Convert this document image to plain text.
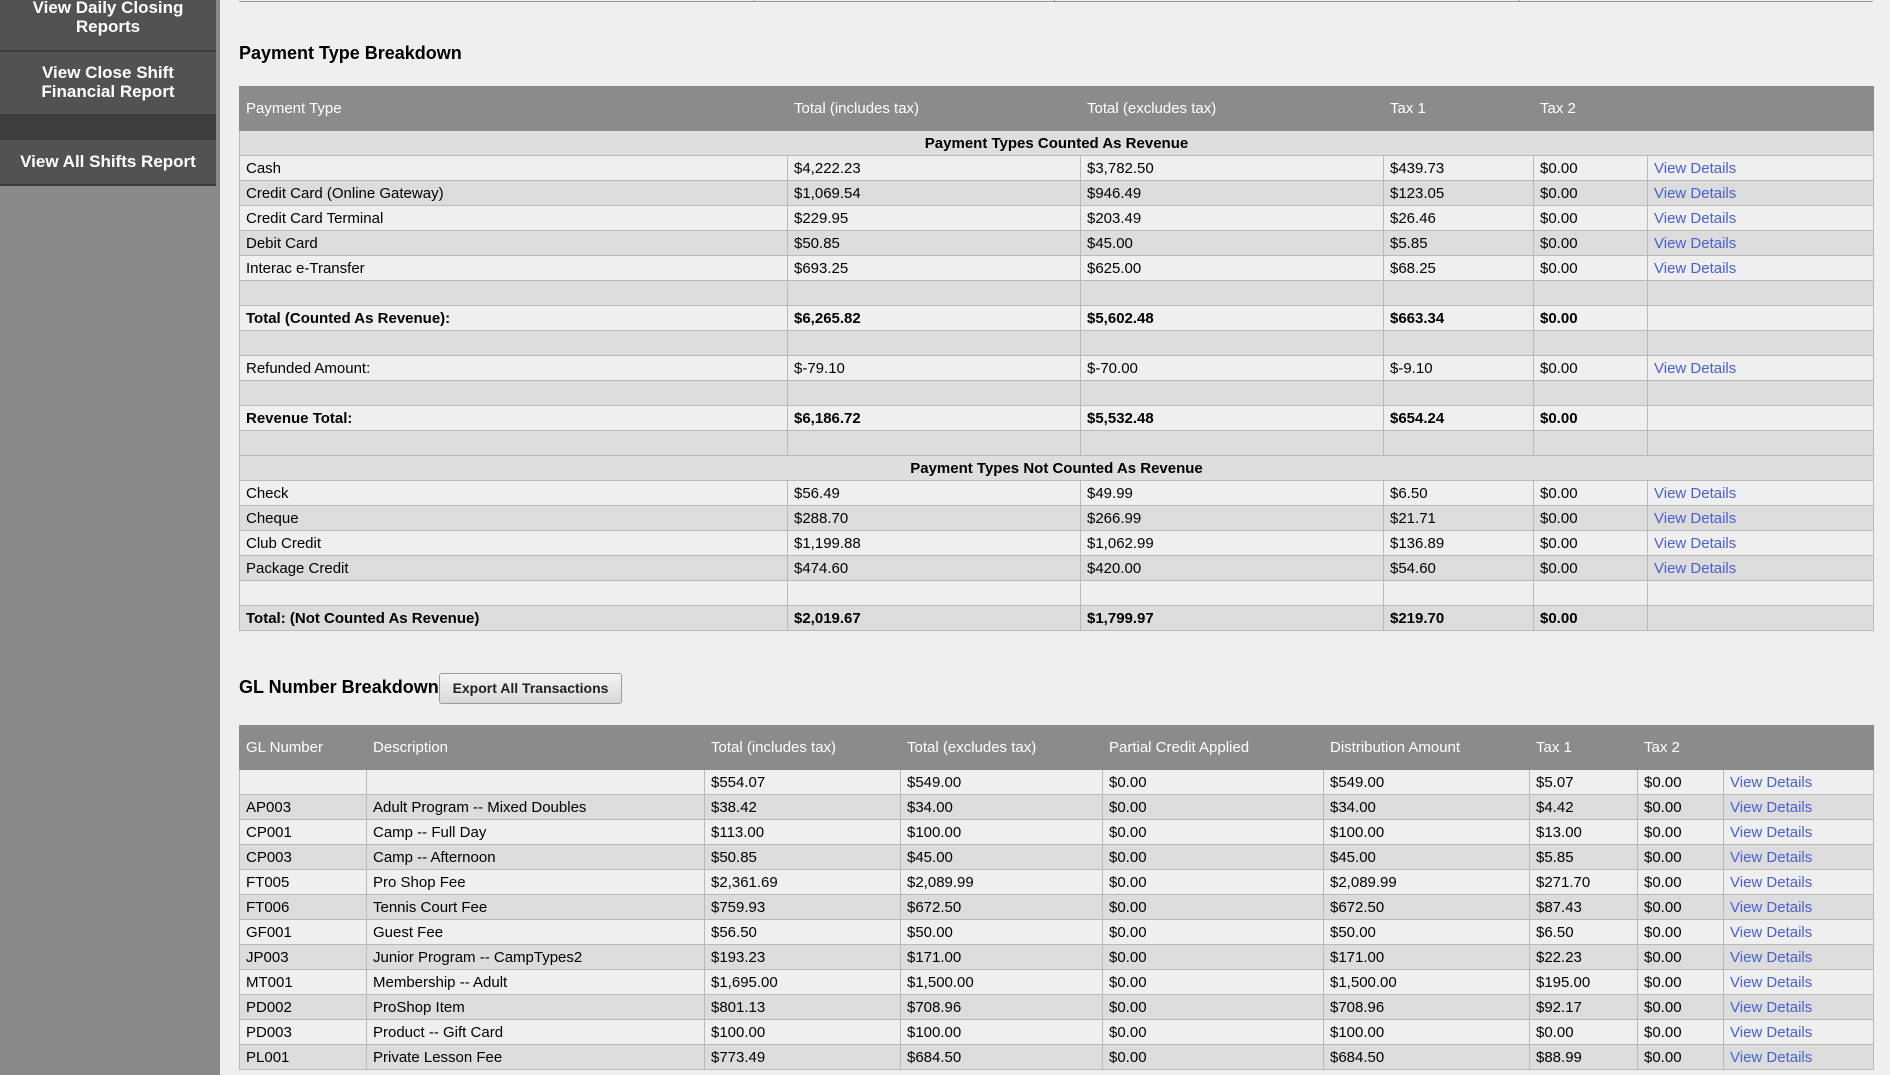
View Daily Closing Reports
View Close Shift Financial Report
View All Shifts Report
Payment Type Breakdown
Payment Type	Total (includes tax)	Total (excludes tax)	Tax 1	Tax 2	
Payment Types Counted As Revenue					
Cash	$4,222.23	$3,782.50	$439.73	$0.00	View Details
Credit Card (Online Gateway)	$1,069.54	$946.49	$123.05	$0.00	View Details
Credit Card Terminal	$229.95	$203.49	$26.46	$0.00	View Details
Debit Card	$50.85	$45.00	$5.85	$0.00	View Details
Interac e-Transfer	$693.25	$625.00	$68.25	$0.00	View Details

Total (Counted As Revenue):	$6,265.82	$5,602.48	$663.34	$0.00	

Refunded Amount:	$-79.10	$-70.00	$-9.10	$0.00	View Details

Revenue Total:	$6,186.72	$5,532.48	$654.24	$0.00	

Payment Types Not Counted As Revenue					
Check	$56.49	$49.99	$6.50	$0.00	View Details
Cheque	$288.70	$266.99	$21.71	$0.00	View Details
Club Credit	$1,199.88	$1,062.99	$136.89	$0.00	View Details
Package Credit	$474.60	$420.00	$54.60	$0.00	View Details

Total: (Not Counted As Revenue)	$2,019.67	$1,799.97	$219.70	$0.00	
GL Number Breakdown Export All Transactions
GL Number	Description	Total (includes tax)	Total (excludes tax)	Partial Credit Applied	Distribution Amount	Tax 1	Tax 2	
		$554.07	$549.00	$0.00	$549.00	$5.07	$0.00	View Details
AP003	Adult Program -- Mixed Doubles	$38.42	$34.00	$0.00	$34.00	$4.42	$0.00	View Details
CP001	Camp -- Full Day	$113.00	$100.00	$0.00	$100.00	$13.00	$0.00	View Details
CP003	Camp -- Afternoon	$50.85	$45.00	$0.00	$45.00	$5.85	$0.00	View Details
FT005	Pro Shop Fee	$2,361.69	$2,089.99	$0.00	$2,089.99	$271.70	$0.00	View Details
FT006	Tennis Court Fee	$759.93	$672.50	$0.00	$672.50	$87.43	$0.00	View Details
GF001	Guest Fee	$56.50	$50.00	$0.00	$50.00	$6.50	$0.00	View Details
JP003	Junior Program -- CampTypes2	$193.23	$171.00	$0.00	$171.00	$22.23	$0.00	View Details
MT001	Membership -- Adult	$1,695.00	$1,500.00	$0.00	$1,500.00	$195.00	$0.00	View Details
PD002	ProShop Item	$801.13	$708.96	$0.00	$708.96	$92.17	$0.00	View Details
PD003	Product -- Gift Card	$100.00	$100.00	$0.00	$100.00	$0.00	$0.00	View Details
PL001	Private Lesson Fee	$773.49	$684.50	$0.00	$684.50	$88.99	$0.00	View Details
